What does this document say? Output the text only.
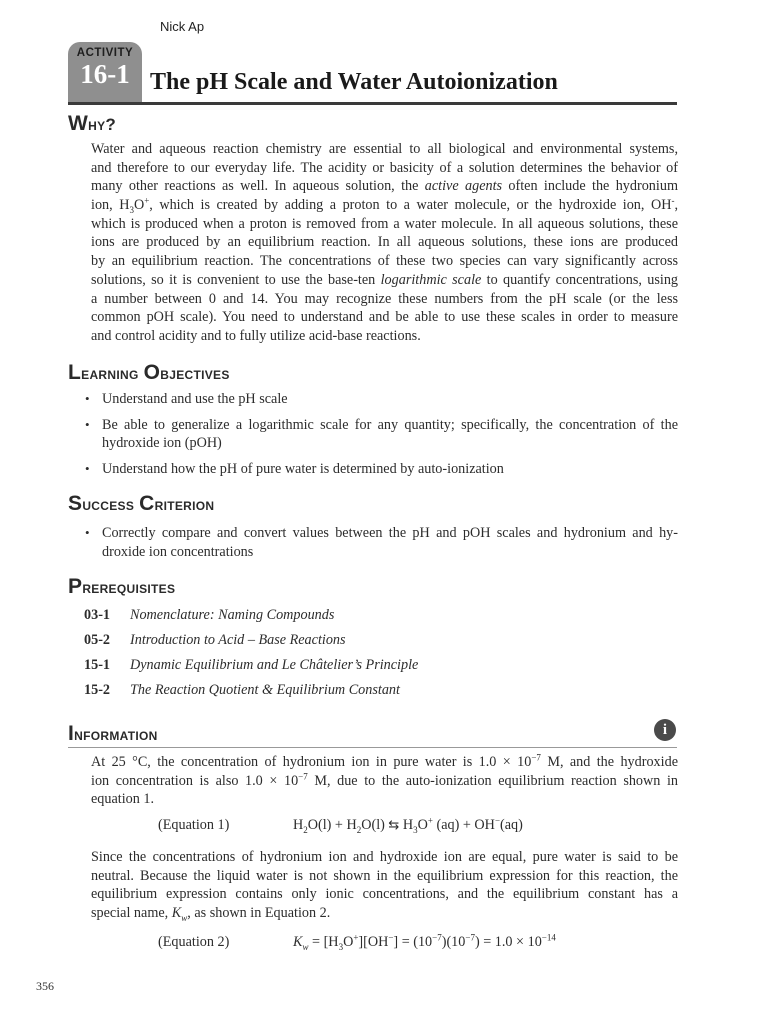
Nick Ap
ACTIVITY
16-1 The pH Scale and Water Autoionization
Why?
Water and aqueous reaction chemistry are essential to all biological and environmental systems,
and therefore to our everyday life. The acidity or basicity of a solution determines the behavior of
many other reactions as well. In aqueous solution, the active agents often include the hydronium
ion, $H_3O^+$, which is created by adding a proton to a water molecule, or the hydroxide ion, OH-,
which is produced when a proton is removed from a water molecule. In all aqueous solutions, these
ions are produced by an equilibrium reaction. In all aqueous solutions, these ions are produced
by an equilibrium reaction. The concentrations of these two species can vary significantly across
solutions, so it is convenient to use the base-ten logarithmic scale to quantify concentrations, using
a number between 0 and 14. You may recognize these numbers from the pH scale (or the less
common pOH scale). You need to understand and be able to use these scales in order to measure
and control acidity and to fully utilize acid-base reactions.
Learning Objectives
• Understand and use the pH scale
• Be able to generalize a logarithmic scale for any quantity; specifically, the concentration of the
hydroxide ion (pOH)
• Understand how the pH of pure water is determined by auto-ionization
Success Criterion
• Correctly compare and convert values between the pH and pOH scales and hydronium and hy-
droxide ion concentrations
Prerequisites
03-1 Nomenclature: Naming Compounds
05-2 Introduction to Acid – Base Reactions
15-1 Dynamic Equilibrium and Le Châtelier’s Principle
15-2 The Reaction Quotient & Equilibrium Constant
Information	i
At 25 °C, the concentration of hydronium ion in pure water is $1.0 \times 10^{-7}$ M, and the hydroxide
ion concentration is also $1.0 \times 10^{-7}$ M, due to the auto-ionization equilibrium reaction shown in
equation 1.
(Equation 1)	$H_2O(l) + H_2O(l)$ ⇆ $H_3O^+$ (aq) + OH−(aq)
Since the concentrations of hydronium ion and hydroxide ion are equal, pure water is said to be
neutral. Because the liquid water is not shown in the equilibrium expression for this reaction, the
equilibrium expression contains only ionic concentrations, and the equilibrium constant has a
special name, $K_w$, as shown in Equation 2.
(Equation 2)	$K_w = [H_3O^+][OH^-] = (10^{-7})(10^{-7}) = 1.0 \times 10^{-14}$
356
